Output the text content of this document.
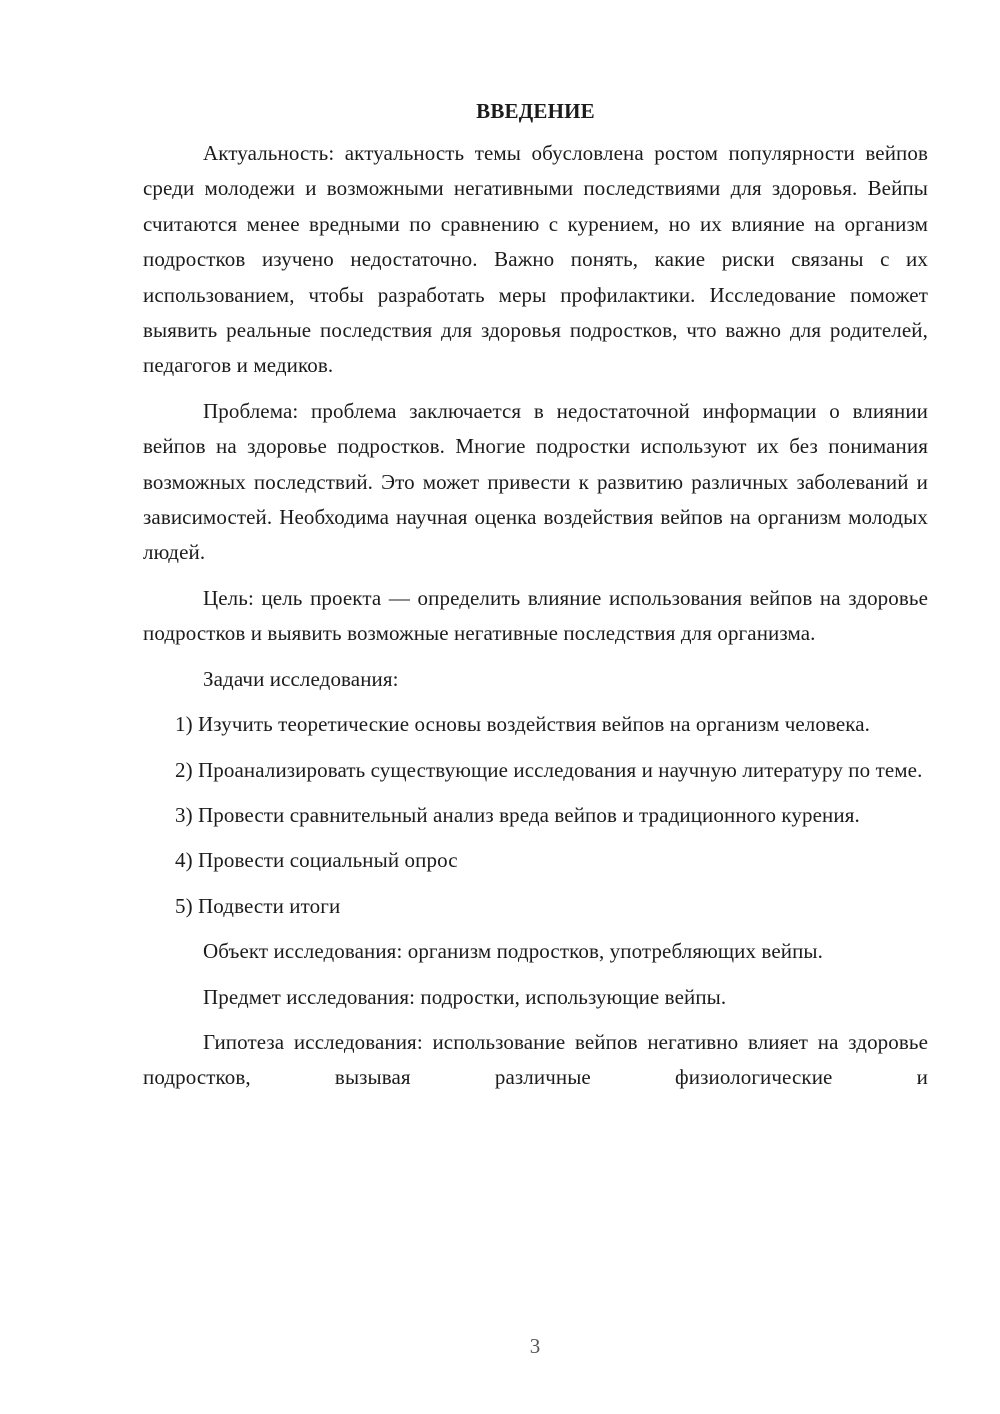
ВВЕДЕНИЕ

Актуальность: актуальность темы обусловлена ростом популярности вейпов среди молодежи и возможными негативными последствиями для здоровья. Вейпы считаются менее вредными по сравнению с курением, но их влияние на организм подростков изучено недостаточно. Важно понять, какие риски связаны с их использованием, чтобы разработать меры профилактики. Исследование поможет выявить реальные последствия для здоровья подростков, что важно для родителей, педагогов и медиков.

Проблема: проблема заключается в недостаточной информации о влиянии вейпов на здоровье подростков. Многие подростки используют их без понимания возможных последствий. Это может привести к развитию различных заболеваний и зависимостей. Необходима научная оценка воздействия вейпов на организм молодых людей.

Цель: цель проекта — определить влияние использования вейпов на здоровье подростков и выявить возможные негативные последствия для организма.

Задачи исследования:

1) Изучить теоретические основы воздействия вейпов на организм человека.

2) Проанализировать существующие исследования и научную литературу по теме.

3) Провести сравнительный анализ вреда вейпов и традиционного курения.

4) Провести социальный опрос

5) Подвести итоги

Объект исследования: организм подростков, употребляющих вейпы.

Предмет исследования: подростки, использующие вейпы.

Гипотеза исследования: использование вейпов негативно влияет на здоровье подростков, вызывая различные физиологические и

3
